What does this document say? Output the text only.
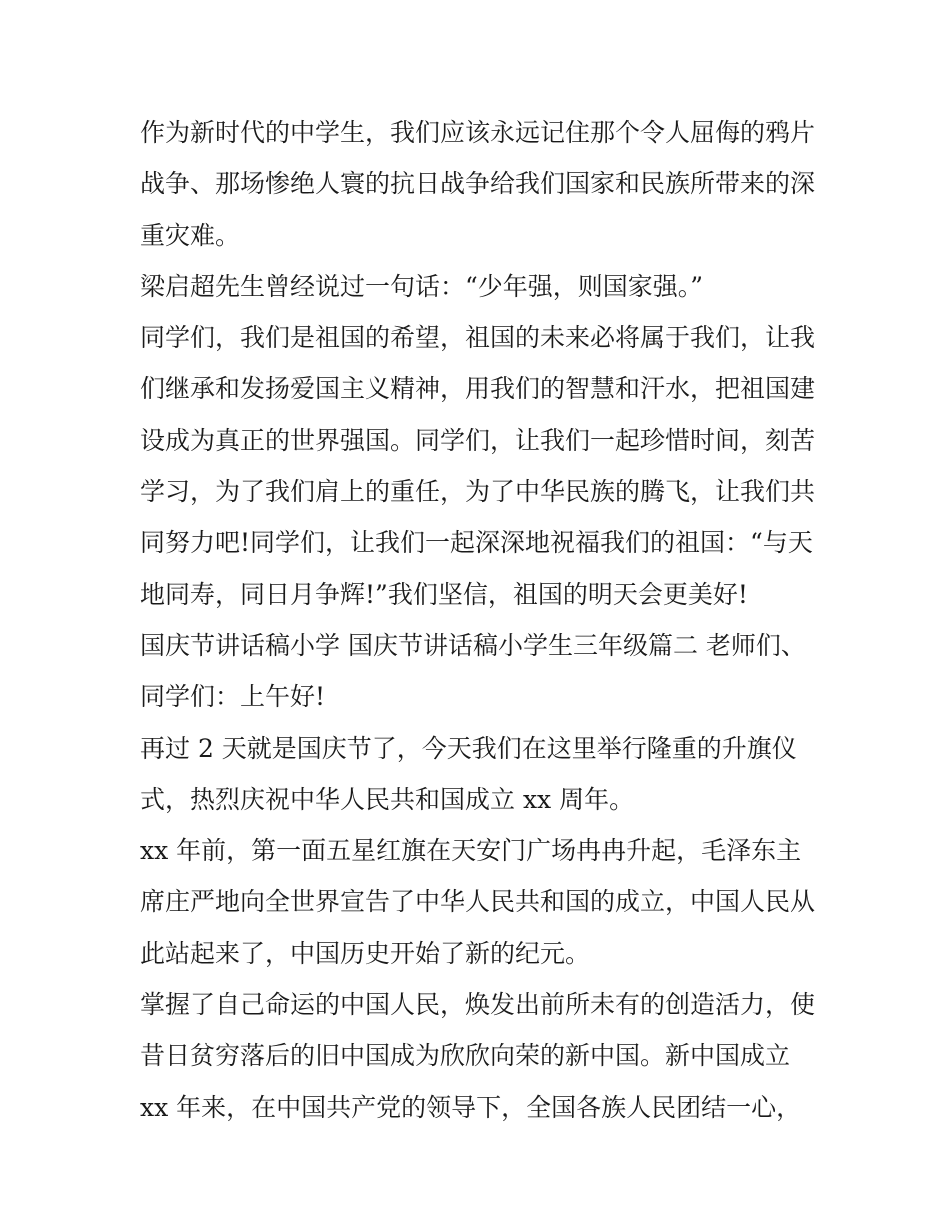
作为新时代的中学生，我们应该永远记住那个令人屈侮的鸦片
战争、那场惨绝人寰的抗日战争给我们国家和民族所带来的深
重灾难。
梁启超先生曾经说过一句话：“少年强，则国家强。”
同学们，我们是祖国的希望，祖国的未来必将属于我们，让我
们继承和发扬爱国主义精神，用我们的智慧和汗水，把祖国建
设成为真正的世界强国。同学们，让我们一起珍惜时间，刻苦
学习，为了我们肩上的重任，为了中华民族的腾飞，让我们共
同努力吧!同学们，让我们一起深深地祝福我们的祖国：“与天
地同寿，同日月争辉!”我们坚信，祖国的明天会更美好!
国庆节讲话稿小学 国庆节讲话稿小学生三年级篇二 老师们、
同学们：上午好!
再过 2 天就是国庆节了，今天我们在这里举行隆重的升旗仪
式，热烈庆祝中华人民共和国成立 xx 周年。
xx 年前，第一面五星红旗在天安门广场冉冉升起，毛泽东主
席庄严地向全世界宣告了中华人民共和国的成立，中国人民从
此站起来了，中国历史开始了新的纪元。
掌握了自己命运的中国人民，焕发出前所未有的创造活力，使
昔日贫穷落后的旧中国成为欣欣向荣的新中国。新中国成立
xx 年来，在中国共产党的领导下，全国各族人民团结一心，
